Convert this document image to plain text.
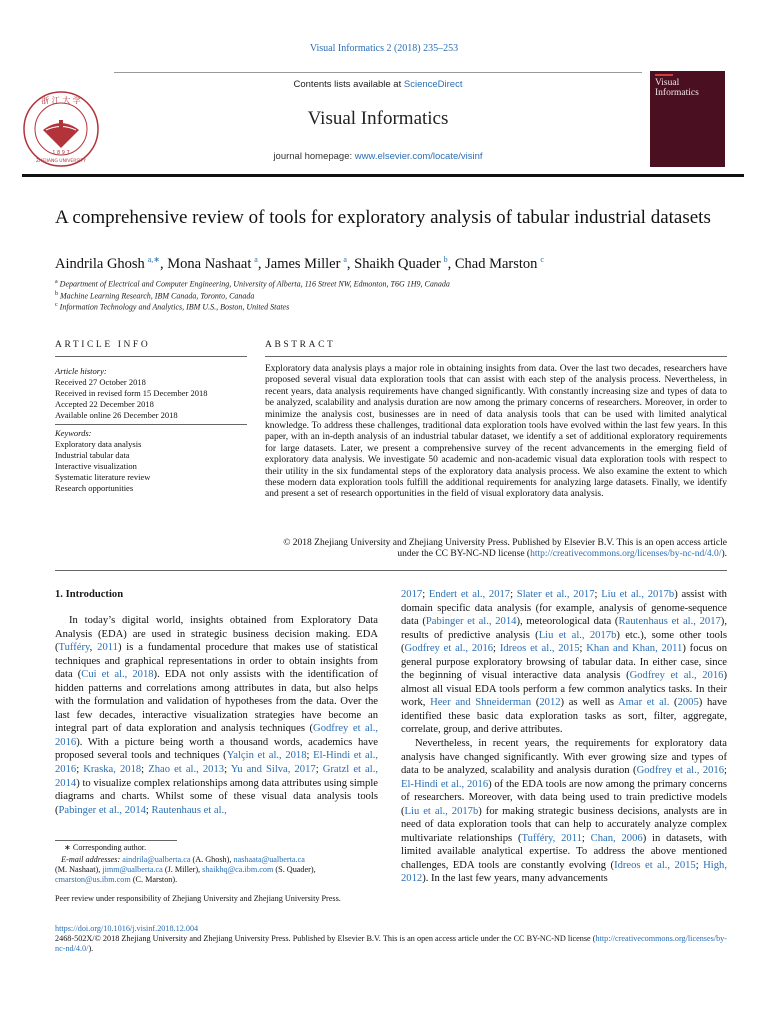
Visual Informatics 2 (2018) 235–253
浙 江 大 学
1 8 9 7
ZHEJIANG UNIVERSITY
Contents lists available at ScienceDirect
Visual Informatics
journal homepage: www.elsevier.com/locate/visinf
Visual
Informatics
A comprehensive review of tools for exploratory analysis of tabular industrial datasets
Aindrila Ghosh  $^{a,∗}$, Mona Nashaat  $^a$, James Miller  $^a$, Shaikh Quader  $^b$, Chad Marston  $^c$
$^a$ Department of Electrical and Computer Engineering, University of Alberta, 116 Street NW, Edmonton, T6G 1H9, Canada
$^b$ Machine Learning Research, IBM Canada, Toronto, Canada
$^c$ Information Technology and Analytics, IBM U.S., Boston, United States
ARTICLE INFO	ABSTRACT
Article history:
Received 27 October 2018
Received in revised form 15 December 2018
Accepted 22 December 2018
Available online 26 December 2018
Keywords:
Exploratory data analysis
Industrial tabular data
Interactive visualization
Systematic literature review
Research opportunities
Exploratory data analysis plays a major role in obtaining insights from data. Over the last two decades, researchers have proposed several visual data exploration tools that can assist with each step of the analysis process. Nevertheless, in recent years, data analysis requirements have changed significantly. With constantly increasing size and types of data to be analyzed, scalability and analysis duration are now among the primary concerns of researchers. Moreover, in order to minimize the analysis cost, businesses are in need of data analysis tools that can be used with limited analytical knowledge. To address these challenges, traditional data exploration tools have evolved within the last few years. In this paper, with an in-depth analysis of an industrial tabular dataset, we identify a set of additional exploratory requirements for large datasets. Later, we present a comprehensive survey of the recent advancements in the emerging field of exploratory data analysis. We investigate 50 academic and non-academic visual data exploration tools with respect to their utility in the six fundamental steps of the exploratory data analysis process. We also examine the extent to which these modern data exploration tools fulfill the additional requirements for analyzing large datasets. Finally, we identify and present a set of research opportunities in the field of visual exploratory data analysis.
© 2018 Zhejiang University and Zhejiang University Press. Published by Elsevier B.V. This is an open access article under the CC BY-NC-ND license (http://creativecommons.org/licenses/by-nc-nd/4.0/).
1. Introduction
In today’s digital world, insights obtained from Exploratory Data Analysis (EDA) are used in strategic business decision making. EDA (Tufféry, 2011) is a fundamental procedure that makes use of statistical techniques and graphical representations in order to obtain insights from data (Cui et al., 2018). EDA not only assists with the identification of hidden patterns and correlations among attributes in data, but also helps with the formulation and validation of hypotheses from the data. Over the last few decades, interactive visualization strategies have become an integral part of data exploration and analysis techniques (Godfrey et al., 2016). With a picture being worth a thousand words, academics have proposed several tools and techniques (Yalçin et al., 2018; El-Hindi et al., 2016; Kraska, 2018; Zhao et al., 2013; Yu and Silva, 2017; Gratzl et al., 2014) to visualize complex relationships among data attributes using simple diagrams and charts. Whilst some of these visual data analysis tools (Pabinger et al., 2014; Rautenhaus et al.,
2017; Endert et al., 2017; Slater et al., 2017; Liu et al., 2017b) assist with domain specific data analysis (for example, analysis of genome-sequence data (Pabinger et al., 2014), meteorological data (Rautenhaus et al., 2017), results of predictive analysis (Liu et al., 2017b) etc.), some other tools (Godfrey et al., 2016; Idreos et al., 2015; Khan and Khan, 2011) focus on general purpose exploratory browsing of tabular data. In either case, since the beginning of visual interactive data analysis (Godfrey et al., 2016) almost all visual EDA tools perform a few common analytics tasks. In their work, Heer and Shneiderman (2012) as well as Amar et al. (2005) have identified these basic data exploration tasks as sort, filter, aggregate, correlate, group, and derive attributes.
Nevertheless, in recent years, the requirements for exploratory data analysis have changed significantly. With ever growing size and types of data to be analyzed, scalability and analysis duration (Godfrey et al., 2016; El-Hindi et al., 2016) of the EDA tools are now among the primary concerns of researchers. Moreover, with data being used to train predictive models (Liu et al., 2017b) for making strategic business decisions, analysts are in need of data exploration tools that can help to accurately analyze complex multivariate relationships (Tufféry, 2011; Chan, 2006) in datasets, with limited available analytical expertise. To address the above mentioned challenges, EDA tools are constantly evolving (Idreos et al., 2015; High, 2012). In the last few years, many advancements
∗ Corresponding author.
E-mail addresses: aindrila@ualberta.ca (A. Ghosh), nashaata@ualberta.ca
(M. Nashaat), jimm@ualberta.ca (J. Miller), shaikhq@ca.ibm.com (S. Quader),
cmarston@us.ibm.com (C. Marston).
Peer review under responsibility of Zhejiang University and Zhejiang University Press.
https://doi.org/10.1016/j.visinf.2018.12.004
2468-502X/© 2018 Zhejiang University and Zhejiang University Press. Published by Elsevier B.V. This is an open access article under the CC BY-NC-ND license (http://creativecommons.org/licenses/by-nc-nd/4.0/).
